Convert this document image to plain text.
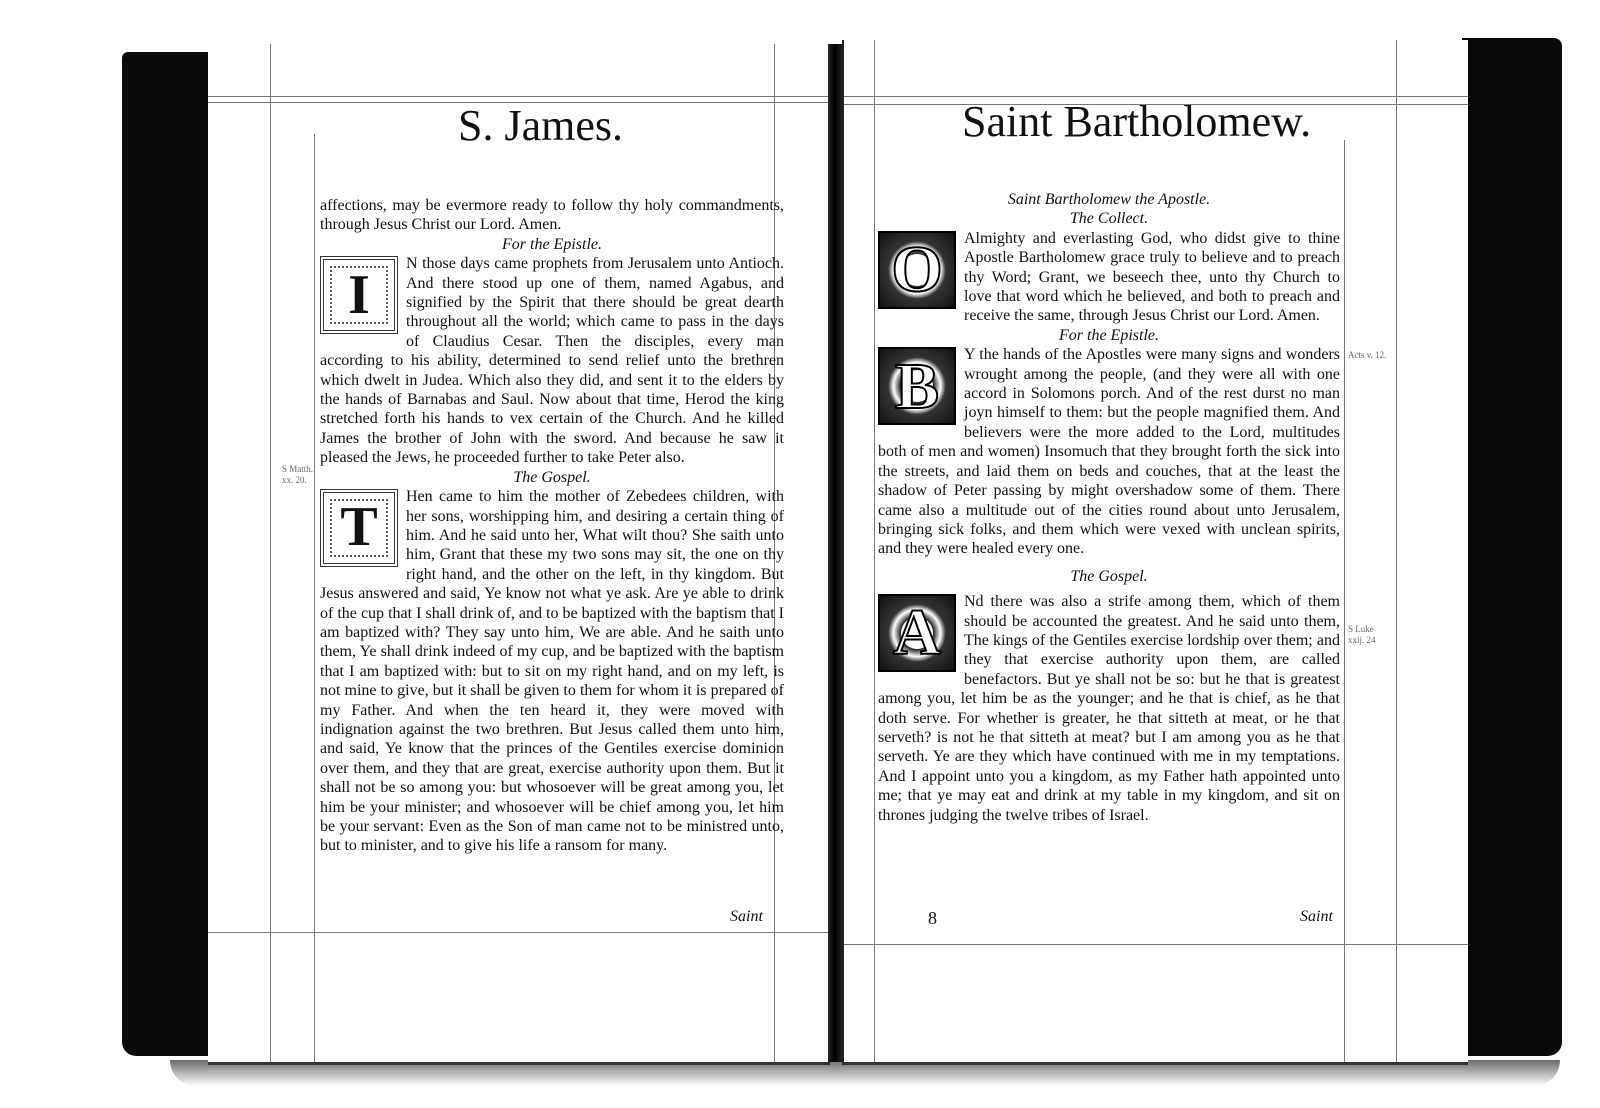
S. James.
S Matth. xx. 20.

affections, may be evermore ready to follow thy holy commandments, through Jesus Christ our Lord. Amen.

For the Epistle.

I	N those days came prophets from Jerusalem unto Antioch. And there stood up one of them, named Agabus, and signified by the Spirit that there should be great dearth throughout all the world; which came to pass in the days of Claudius Cesar. Then the disciples, every man according to his ability, determined to send relief unto the brethren which dwelt in Judea. Which also they did, and sent it to the elders by the hands of Barnabas and Saul. Now about that time, Herod the king stretched forth his hands to vex certain of the Church. And he killed James the brother of John with the sword. And because he saw it pleased the Jews, he proceeded further to take Peter also.

The Gospel.

T	Hen came to him the mother of Zebedees children, with her sons, worshipping him, and desiring a certain thing of him. And he said unto her, What wilt thou? She saith unto him, Grant that these my two sons may sit, the one on thy right hand, and the other on the left, in thy kingdom. But Jesus answered and said, Ye know not what ye ask. Are ye able to drink of the cup that I shall drink of, and to be baptized with the baptism that I am baptized with? They say unto him, We are able. And he saith unto them, Ye shall drink indeed of my cup, and be baptized with the baptism that I am baptized with: but to sit on my right hand, and on my left, is not mine to give, but it shall be given to them for whom it is prepared of my Father. And when the ten heard it, they were moved with indignation against the two brethren. But Jesus called them unto him, and said, Ye know that the princes of the Gentiles exercise dominion over them, and they that are great, exercise authority upon them. But it shall not be so among you: but whosoever will be great among you, let him be your minister; and whosoever will be chief among you, let him be your servant: Even as the Son of man came not to be ministred unto, but to minister, and to give his life a ransom for many.

Saint
Saint Bartholomew.
Acts v. 12.
S Luke xxij. 24

Saint Bartholomew the Apostle.

The Collect.

O	Almighty and everlasting God, who didst give to thine Apostle Bartholomew grace truly to believe and to preach thy Word; Grant, we beseech thee, unto thy Church to love that word which he believed, and both to preach and receive the same, through Jesus Christ our Lord. Amen.

For the Epistle.

B	Y the hands of the Apostles were many signs and wonders wrought among the people, (and they were all with one accord in Solomons porch. And of the rest durst no man joyn himself to them: but the people magnified them. And believers were the more added to the Lord, multitudes both of men and women) Insomuch that they brought forth the sick into the streets, and laid them on beds and couches, that at the least the shadow of Peter passing by might overshadow some of them. There came also a multitude out of the cities round about unto Jerusalem, bringing sick folks, and them which were vexed with unclean spirits, and they were healed every one.

The Gospel.

A	Nd there was also a strife among them, which of them should be accounted the greatest. And he said unto them, The kings of the Gentiles exercise lordship over them; and they that exercise authority upon them, are called benefactors. But ye shall not be so: but he that is greatest among you, let him be as the younger; and he that is chief, as he that doth serve. For whether is greater, he that sitteth at meat, or he that serveth? is not he that sitteth at meat? but I am among you as he that serveth. Ye are they which have continued with me in my temptations. And I appoint unto you a kingdom, as my Father hath appointed unto me; that ye may eat and drink at my table in my kingdom, and sit on thrones judging the twelve tribes of Israel.

8	Saint
